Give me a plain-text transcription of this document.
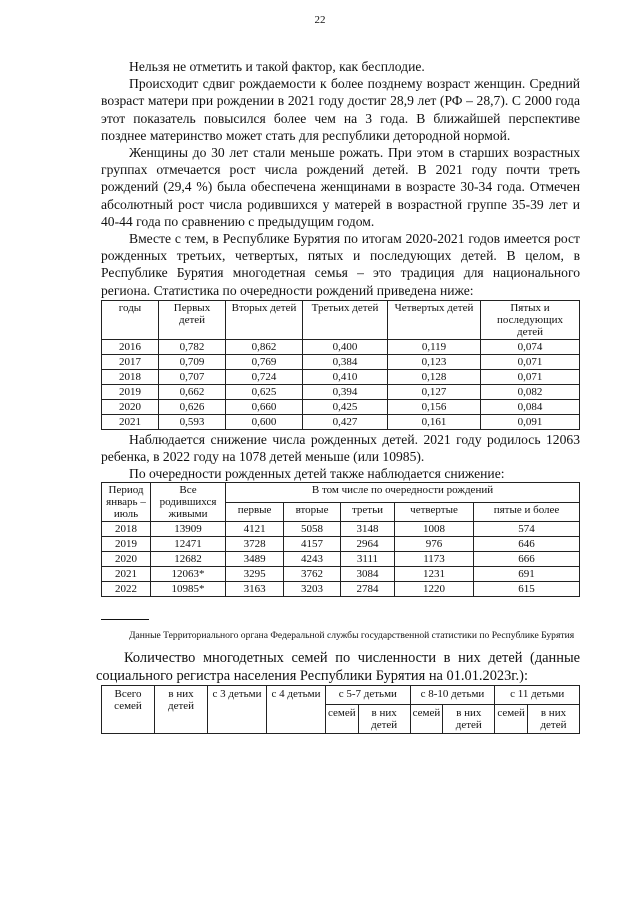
22

Нельзя не отметить и такой фактор, как бесплодие.

Происходит сдвиг рождаемости к более позднему возраст женщин. Средний возраст матери при рождении в 2021 году достиг 28,9 лет (РФ – 28,7). С 2000 года этот показатель повысился более чем на 3 года. В ближайшей перспективе позднее материнство может стать для республики детородной нормой.

Женщины до 30 лет стали меньше рожать. При этом в старших возрастных группах отмечается рост числа рождений детей. В 2021 году почти треть рождений (29,4 %) была обеспечена женщинами в возрасте 30-34 года. Отмечен абсолютный рост числа родившихся у матерей в возрастной группе 35-39 лет и 40-44 года по сравнению с предыдущим годом.

Вместе с тем, в Республике Бурятия по итогам 2020-2021 годов имеется рост рожденных третьих, четвертых, пятых и последующих детей. В целом, в Республике Бурятия многодетная семья – это традиция для национального региона. Статистика по очередности рождений приведена ниже:

годы	Первых детей	Вторых детей	Третьих детей	Четвертых детей	Пятых и последующих детей
2016	0,782	0,862	0,400	0,119	0,074
2017	0,709	0,769	0,384	0,123	0,071
2018	0,707	0,724	0,410	0,128	0,071
2019	0,662	0,625	0,394	0,127	0,082
2020	0,626	0,660	0,425	0,156	0,084
2021	0,593	0,600	0,427	0,161	0,091

Наблюдается снижение числа рожденных детей. 2021 году родилось 12063 ребенка, в 2022 году на 1078 детей меньше (или 10985).

По очередности рожденных детей также наблюдается снижение:

Период январь – июль	Все родившихся живыми	В том числе по очередности рождений				
		первые	вторые	третьи	четвертые	пятые и более
2018	13909	4121	5058	3148	1008	574
2019	12471	3728	4157	2964	976	646
2020	12682	3489	4243	3111	1173	666
2021	12063*	3295	3762	3084	1231	691
2022	10985*	3163	3203	2784	1220	615

Данные Территориального органа Федеральной службы государственной статистики по Республике Бурятия

Количество многодетных семей по численности в них детей (данные социального регистра населения Республики Бурятия на 01.01.2023г.):

Всего семей	в них детей	с 3 детьми	с 4 детьми	с 5-7 детьми		с 8-10 детьми		с 11 детьми	
				семей	в них детей	семей	в них детей	семей	в них детей
